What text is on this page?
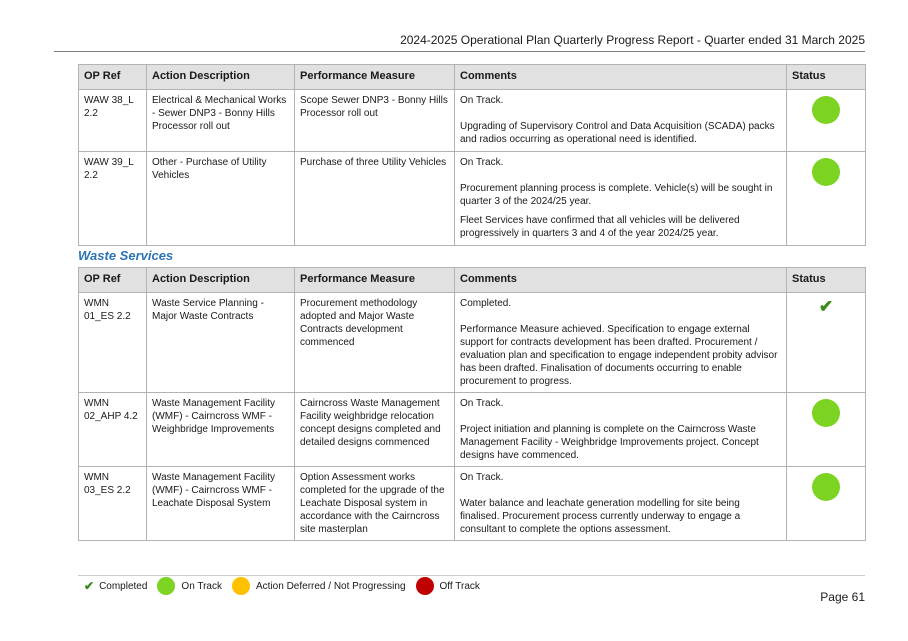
2024-2025 Operational Plan Quarterly Progress Report - Quarter ended 31 March 2025
OP Ref	Action Description	Performance Measure	Comments	Status
WAW 38_L 2.2	Electrical & Mechanical Works - Sewer DNP3 - Bonny Hills Processor roll out	Scope Sewer DNP3 - Bonny Hills Processor roll out	On Track.

Upgrading of Supervisory Control and Data Acquisition (SCADA) packs and radios occurring as operational need is identified.	

WAW 39_L 2.2	Other - Purchase of Utility Vehicles	Purchase of three Utility Vehicles	On Track.

Procurement planning process is complete. Vehicle(s) will be sought in quarter 3 of the 2024/25 year.

Fleet Services have confirmed that all vehicles will be delivered progressively in quarters 3 and 4 of the year 2024/25 year.	

Waste Services
OP Ref	Action Description	Performance Measure	Comments	Status
WMN 01_ES 2.2	Waste Service Planning - Major Waste Contracts	Procurement methodology adopted and Major Waste Contracts development commenced	Completed.

Performance Measure achieved. Specification to engage external support for contracts development has been drafted. Procurement / evaluation plan and specification to engage independent probity advisor has been drafted. Finalisation of documents occurring to enable procurement to progress.	✔
WMN 02_AHP 4.2	Waste Management Facility (WMF) - Cairncross WMF - Weighbridge Improvements	Cairncross Waste Management Facility weighbridge relocation concept designs completed and detailed designs commenced	On Track.

Project initiation and planning is complete on the Cairncross Waste Management Facility - Weighbridge Improvements project. Concept designs have commenced.	

WMN 03_ES 2.2	Waste Management Facility (WMF) - Cairncross WMF - Leachate Disposal System	Option Assessment works completed for the upgrade of the Leachate Disposal system in accordance with the Cairncross site masterplan	On Track.

Water balance and leachate generation modelling for site being finalised. Procurement process currently underway to engage a consultant to complete the options assessment.	

✔ Completed	On Track	Action Deferred / Not Progressing	Off Track
Page 61
